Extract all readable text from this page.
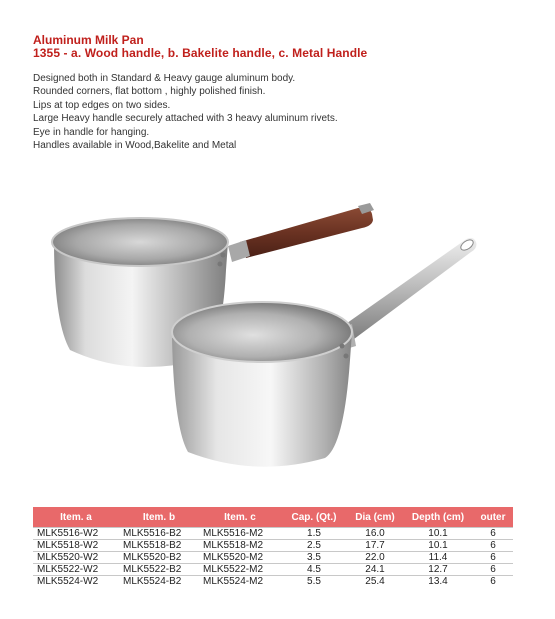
Aluminum Milk Pan
1355 - a. Wood handle, b. Bakelite handle, c. Metal Handle
Designed both in Standard & Heavy gauge aluminum body.
Rounded corners, flat bottom , highly polished finish.
Lips at top edges on two sides.
Large Heavy handle securely attached with 3 heavy aluminum rivets.
Eye in handle for hanging.
Handles available in Wood,Bakelite and Metal
Item. a	Item. b	Item. c	Cap. (Qt.)	Dia (cm)	Depth (cm)	outer
MLK5516-W2	MLK5516-B2	MLK5516-M2	1.5	16.0	10.1	6
MLK5518-W2	MLK5518-B2	MLK5518-M2	2.5	17.7	10.1	6
MLK5520-W2	MLK5520-B2	MLK5520-M2	3.5	22.0	11.4	6
MLK5522-W2	MLK5522-B2	MLK5522-M2	4.5	24.1	12.7	6
MLK5524-W2	MLK5524-B2	MLK5524-M2	5.5	25.4	13.4	6
